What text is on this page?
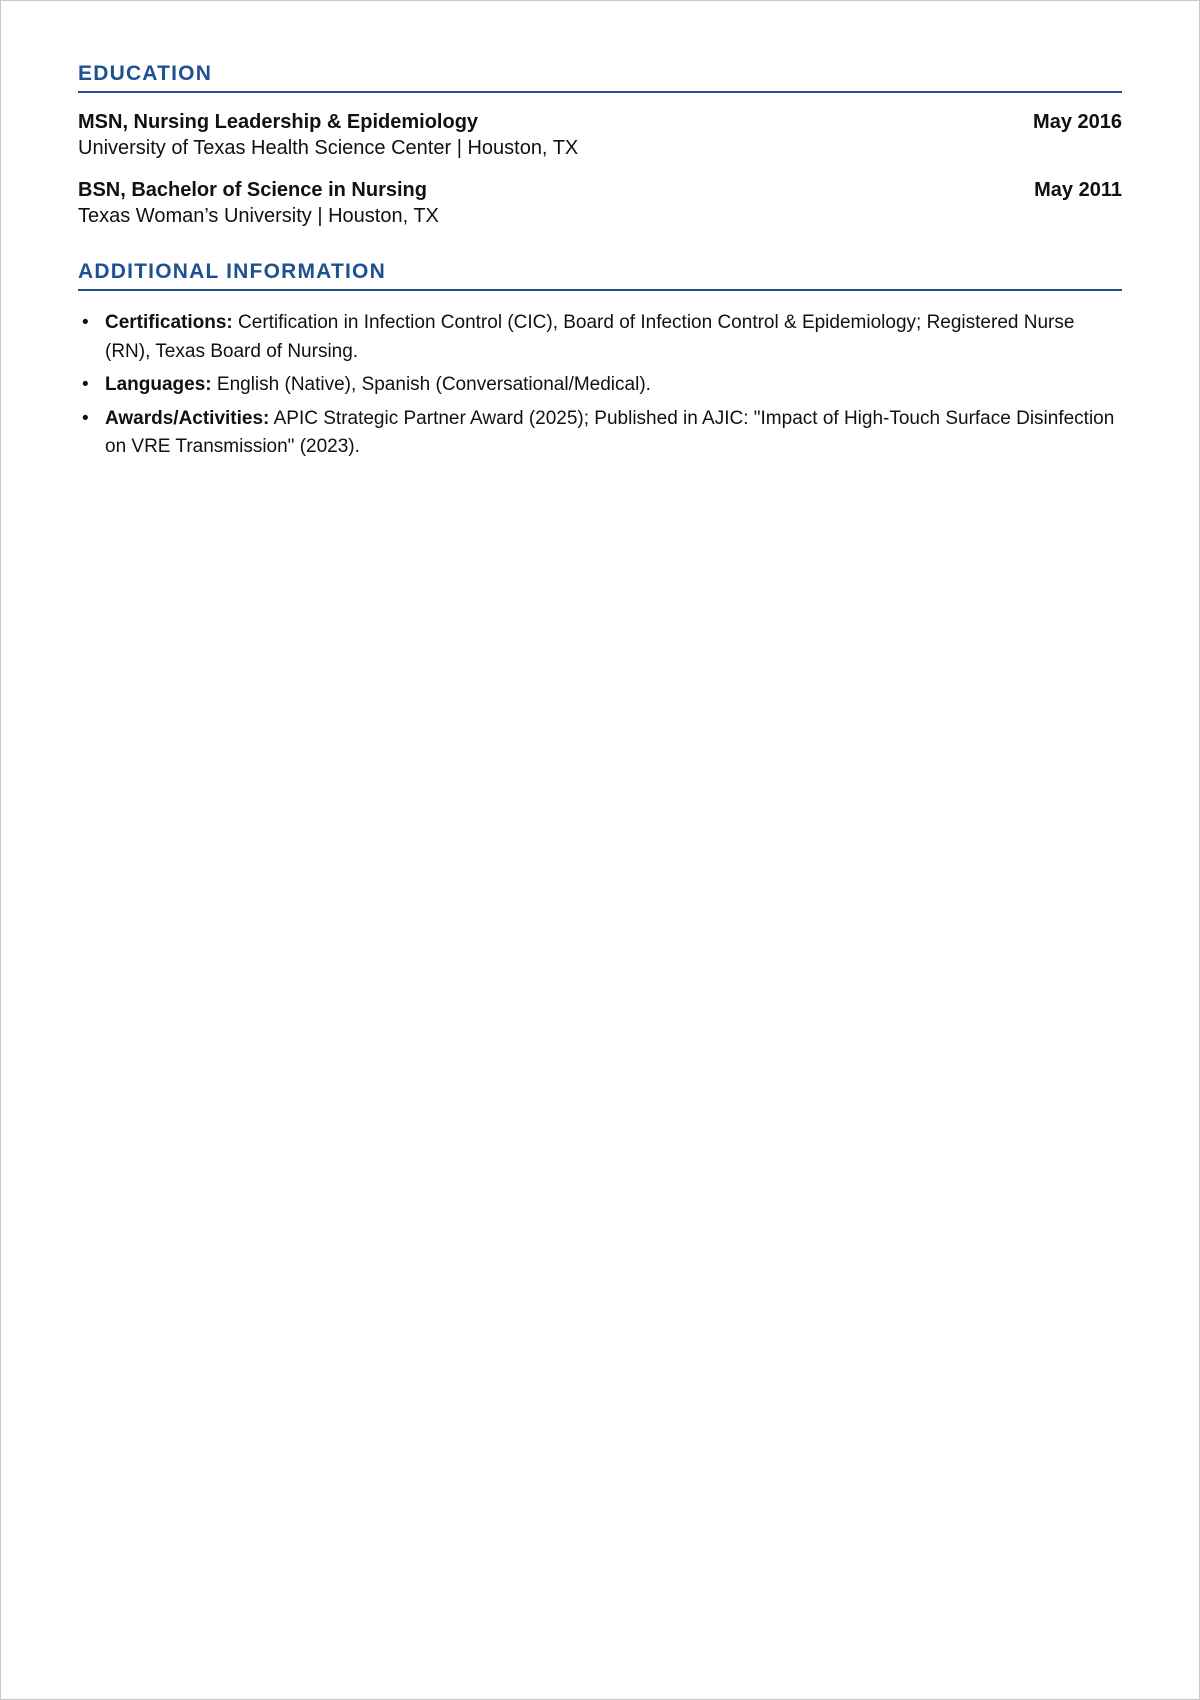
EDUCATION
MSN, Nursing Leadership & Epidemiology	May 2016
University of Texas Health Science Center | Houston, TX
BSN, Bachelor of Science in Nursing	May 2011
Texas Woman’s University | Houston, TX
ADDITIONAL INFORMATION
• Certifications: Certification in Infection Control (CIC), Board of Infection Control & Epidemiology; Registered Nurse (RN), Texas Board of Nursing.
• Languages: English (Native), Spanish (Conversational/Medical).
• Awards/Activities: APIC Strategic Partner Award (2025); Published in AJIC: "Impact of High-Touch Surface Disinfection on VRE Transmission" (2023).
